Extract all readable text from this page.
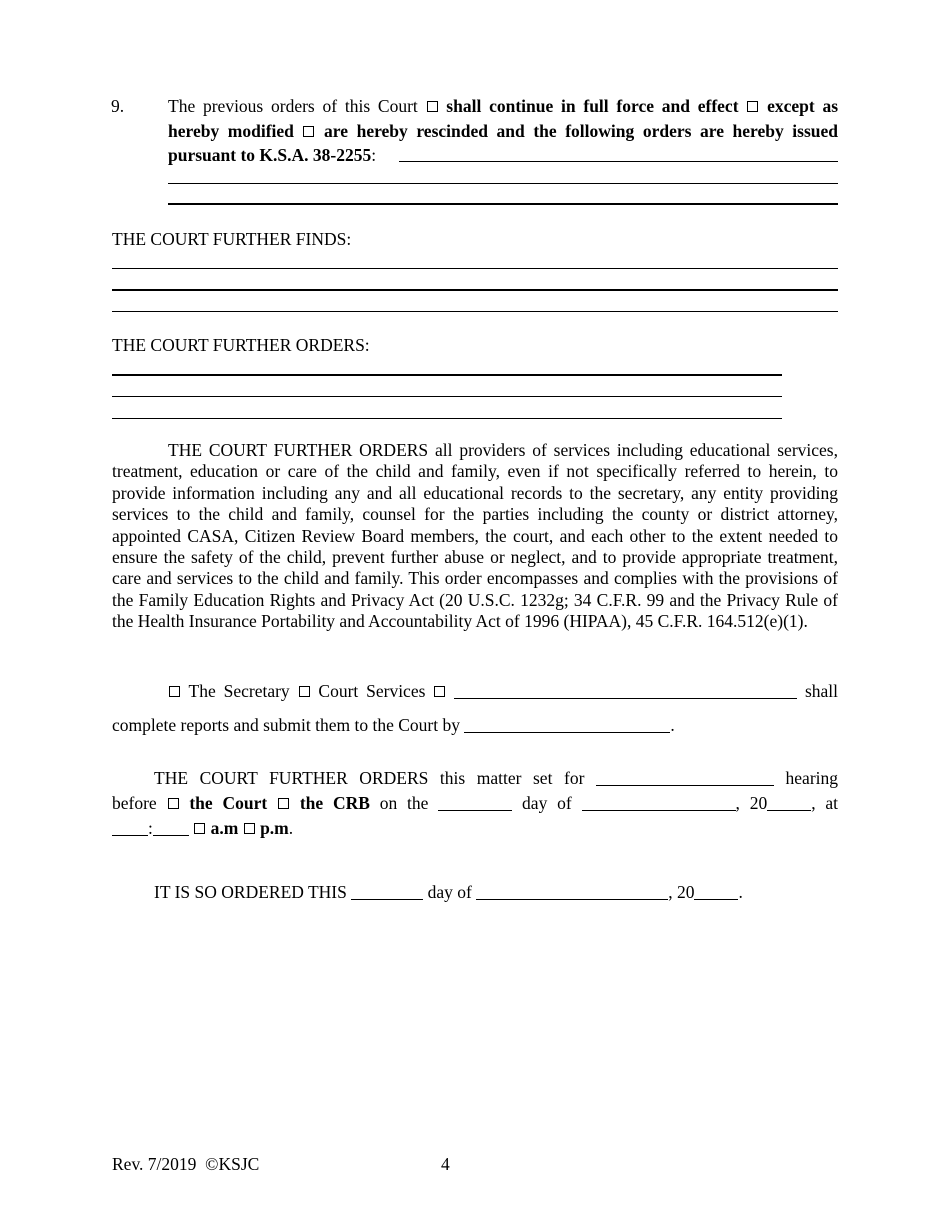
9.	The previous orders of this Court shall continue in full force and effect except as hereby modified are hereby rescinded and the following orders are hereby issued pursuant to K.S.A. 38-2255:
THE COURT FURTHER FINDS:
THE COURT FURTHER ORDERS:
THE COURT FURTHER ORDERS all providers of services including educational services, treatment, education or care of the child and family, even if not specifically referred to herein, to provide information including any and all educational records to the secretary, any entity providing services to the child and family, counsel for the parties including the county or district attorney, appointed CASA, Citizen Review Board members, the court, and each other to the extent needed to ensure the safety of the child, prevent further abuse or neglect, and to provide appropriate treatment, care and services to the child and family. This order encompasses and complies with the provisions of the Family Education Rights and Privacy Act (20 U.S.C. 1232g; 34 C.F.R. 99 and the Privacy Rule of the Health Insurance Portability and Accountability Act of 1996 (HIPAA), 45 C.F.R. 164.512(e)(1).
The Secretary Court Services	shall
complete reports and submit them to the Court by	.
THE COURT FURTHER ORDERS this matter set for	hearing
before the Court the CRB on the	day of	, 20	, at
:	a.m p.m.
IT IS SO ORDERED THIS	day of	, 20	.
Rev. 7/2019  ©KSJC	4
